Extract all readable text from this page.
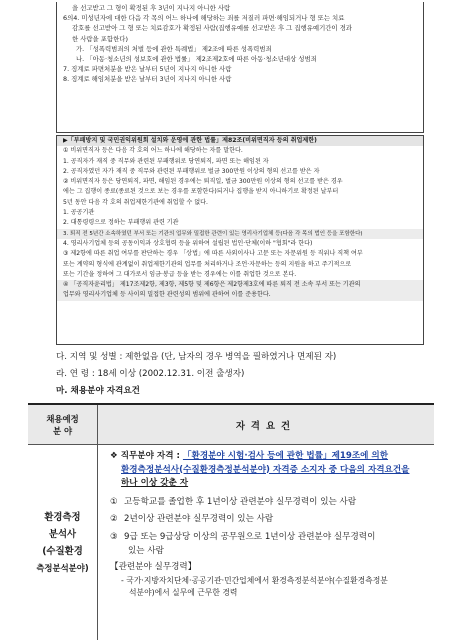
을 선고받고 그 형이 확정된 후 3년이 지나지 아니한 사람
6의4. 미성년자에 대한 다음 각 목의 어느 하나에 해당하는 죄를 저질러 파면·해임되거나 형 또는 치료
감호를 선고받아 그 형 또는 치료감호가 확정된 사람(집행유예를 선고받은 후 그 집행유예기간이 경과
한 사람을 포함한다)
가. 「성폭력범죄의 처벌 등에 관한 특례법」 제2조에 따른 성폭력범죄
나. 「아동·청소년의 성보호에 관한 법률」 제2조제2호에 따른 아동·청소년대상 성범죄
7. 징계로 파면처분을 받은 날부터 5년이 지나지 아니한 사람
8. 징계로 해임처분을 받은 날부터 3년이 지나지 아니한 사람
▶「부패방지 및 국민권익위원회 설치와 운영에 관한 법률」제82조(비위면직자 등의 취업제한)
① 비위면직자 등은 다음 각 호의 어느 하나에 해당하는 자를 말한다.
1. 공직자가 재직 중 직무와 관련된 부패행위로 당연퇴직, 파면 또는 해임된 자
2. 공직자였던 자가 재직 중 직무와 관련된 부패행위로 벌금 300만원 이상의 형의 선고를 받은 자
② 비위면직자 등은 당연퇴직, 파면, 해임된 경우에는 퇴직일, 벌금 300만원 이상의 형의 선고를 받은 경우
에는 그 집행이 종료(종료된 것으로 보는 경우를 포함한다)되거나 집행을 받지 아니하기로 확정된 날부터
5년 동안 다음 각 호의 취업제한기관에 취업할 수 없다.
1. 공공기관
2. 대통령령으로 정하는 부패행위 관련 기관
3. 퇴직 전 5년간 소속하였던 부서 또는 기관의 업무와 밀접한 관련이 있는 영리사기업체 등(다음 각 목의 법인 등을 포함한다)
4. 영리사기업체 등의 공동이익과 상호협력 등을 위하여 설립된 법인·단체(이하 "협회"라 한다)
③ 제2항에 따른 취업 여부를 판단하는 경우 「상법」에 따른 사외이사나 고문 또는 자문위원 등 직위나 직책 여부
또는 계약의 형식에 관계없이 취업제한기관의 업무를 처리하거나 조언·자문하는 등의 지원을 하고 주기적으로
또는 기간을 정하여 그 대가로서 임금·봉급 등을 받는 경우에는 이를 취업한 것으로 본다.
④ 「공직자윤리법」 제17조제2항, 제3항, 제5항 및 제6항은 제2항제3호에 따른 퇴직 전 소속 부서 또는 기관의
업무와 영리사기업체 등 사이의 밀접한 관련성의 범위에 관하여 이를 준용한다.
다. 지역 및 성별 : 제한없음 (단, 남자의 경우 병역을 필하였거나 면제된 자)
라. 연 령 : 18세 이상 (2002.12.31. 이전 출생자)
마. 채용분야 자격요건
채용예정
분 야	자격요건
환경측정
분석사
(수질환경
측정분석분야)
❖ 직무분야 자격 : 「환경분야 시험·검사 등에 관한 법률」제19조에 의한
환경측정분석사(수질환경측정분석분야) 자격증 소지자 중 다음의 자격요건을
하나 이상 갖춘 자
① 고등학교를 졸업한 후 1년이상 관련분야 실무경력이 있는 사람
② 2년이상 관련분야 실무경력이 있는 사람
③ 9급 또는 9급상당 이상의 공무원으로 1년이상 관련분야 실무경력이
있는 사람
【관련분야 실무경력】
- 국가·지방자치단체·공공기관·민간업체에서 환경측정분석분야(수질환경측정분
석분야)에서 실무에 근무한 경력
